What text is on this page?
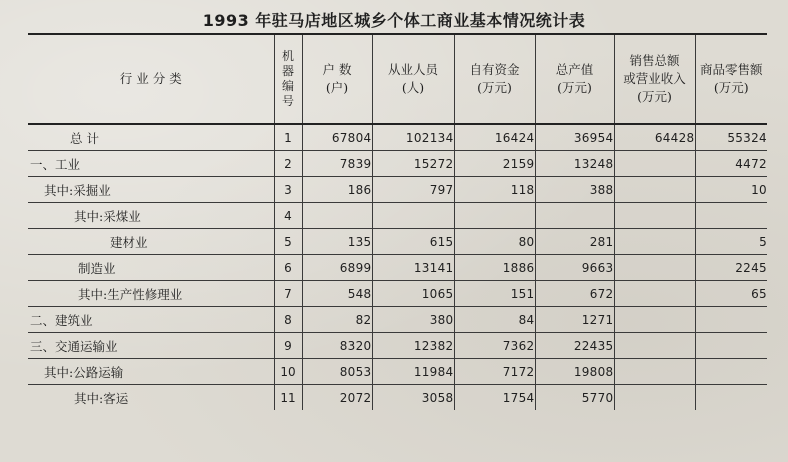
1993 年驻马店地区城乡个体工商业基本情况统计表
行 业 分 类	机
器
编
号	户 数
(户)	从业人员
(人)	自有资金
(万元)	总产值
(万元)	销售总额
或营业收入
(万元)	商品零售额
(万元)

总 计	1	67804	102134	16424	36954	64428	55324
一、工业	2	7839	15272	2159	13248		4472
其中:采掘业	3	186	797	118	388		10
其中:采煤业	4						
建材业	5	135	615	80	281		5
制造业	6	6899	13141	1886	9663		2245
其中:生产性修理业	7	548	1065	151	672		65
二、建筑业	8	82	380	84	1271		
三、交通运输业	9	8320	12382	7362	22435		
其中:公路运输	10	8053	11984	7172	19808		
其中:客运	11	2072	3058	1754	5770		
